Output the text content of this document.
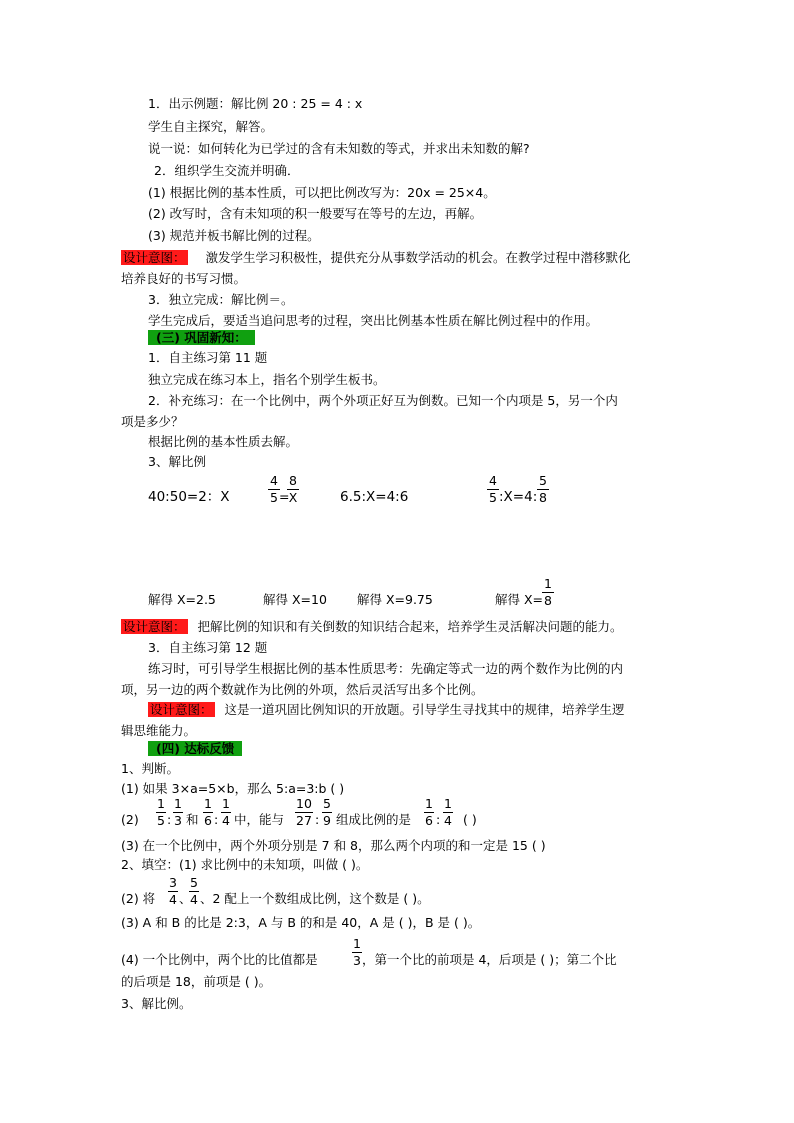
1．出示例题：解比例 20 : 25 = 4 : x
学生自主探究，解答。
说一说：如何转化为已学过的含有未知数的等式，并求出未知数的解?
2．组织学生交流并明确．
(1) 根据比例的基本性质，可以把比例改写为：20x = 25×4。
(2) 改写时，含有未知项的积一般要写在等号的左边，再解。
(3) 规范并板书解比例的过程。
设计意图： 激发学生学习积极性，提供充分从事数学活动的机会。在教学过程中潜移默化
培养良好的书写习惯。
3．独立完成：解比例＝。
学生完成后，要适当追问思考的过程，突出比例基本性质在解比例过程中的作用。
(三) 巩固新知：
1．自主练习第 11 题
独立完成在练习本上，指名个别学生板书。
2．补充练习：在一个比例中，两个外项正好互为倒数。已知一个内项是 5，另一个内
项是多少？
根据比例的基本性质去解。
3、解比例
40:50=2：X
4
5 =
8
X	6.5:X=4:6
4
5 :X=4:
5
8
解得 X=2.5	解得 X=10 解得 X=9.75	解得 X=
1
8
设计意图： 把解比例的知识和有关倒数的知识结合起来，培养学生灵活解决问题的能力。
3．自主练习第 12 题
练习时，可引导学生根据比例的基本性质思考：先确定等式一边的两个数作为比例的内
项，另一边的两个数就作为比例的外项，然后灵活写出多个比例。
设计意图： 这是一道巩固比例知识的开放题。引导学生寻找其中的规律，培养学生逻
辑思维能力。
(四) 达标反馈
1、判断。
(1) 如果 3×a=5×b，那么 5:a=3:b ( )
(2)
1
5 :
1
3 和
1
6 :
1
4 中，能与
10
27 :
5
9 组成比例的是
1
6 :
1
4 ( )
(3) 在一个比例中，两个外项分别是 7 和 8，那么两个内项的和一定是 15 ( )
2、填空：(1) 求比例中的未知项，叫做 ( )。
(2) 将
3
4 、
5
4 、2 配上一个数组成比例，这个数是 ( )。
(3) A 和 B 的比是 2:3，A 与 B 的和是 40，A 是 ( )，B 是 ( )。
(4) 一个比例中，两个比的比值都是
1
3 ，第一个比的前项是 4，后项是 ( )；第二个比
的后项是 18，前项是 ( )。
3、解比例。
